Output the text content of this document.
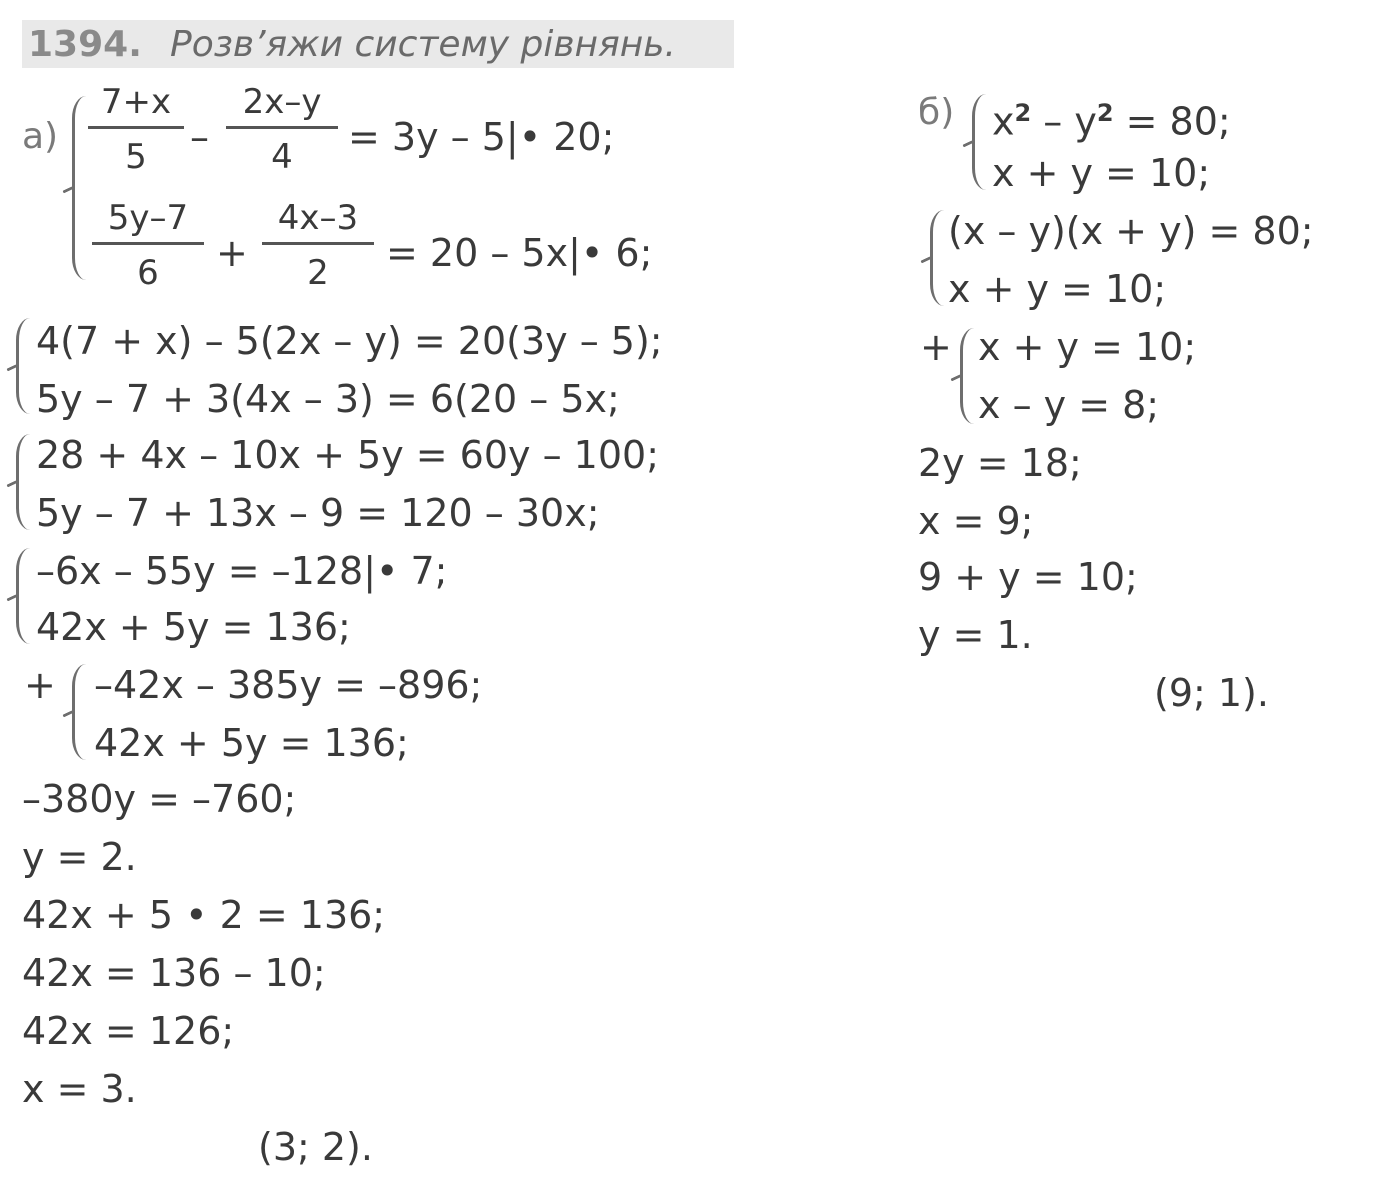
1394. Розв’яжи систему рівнянь.
а)
7+x
5	–
2x–y
4	= 3y – 5|• 20;
5y–7
6	+
4x–3
2	= 20 – 5x|• 6;
4(7 + x) – 5(2x – y) = 20(3y – 5);
5y – 7 + 3(4x – 3) = 6(20 – 5x;
28 + 4x – 10x + 5y = 60y – 100;
5y – 7 + 13x – 9 = 120 – 30x;
–6x – 55y = –128|• 7;
42x + 5y = 136;
+ –42x – 385y = –896;
42x + 5y = 136;
–380y = –760;
y = 2.
42x + 5 • 2 = 136;
42x = 136 – 10;
42x = 126;
x = 3.
(3; 2).
б) $x^2 - y^2 = 80$;
x + y = 10;
(x – y)(x + y) = 80;
x + y = 10;
+ x + y = 10;
x – y = 8;
2y = 18;
x = 9;
9 + y = 10;
y = 1.
(9; 1).
